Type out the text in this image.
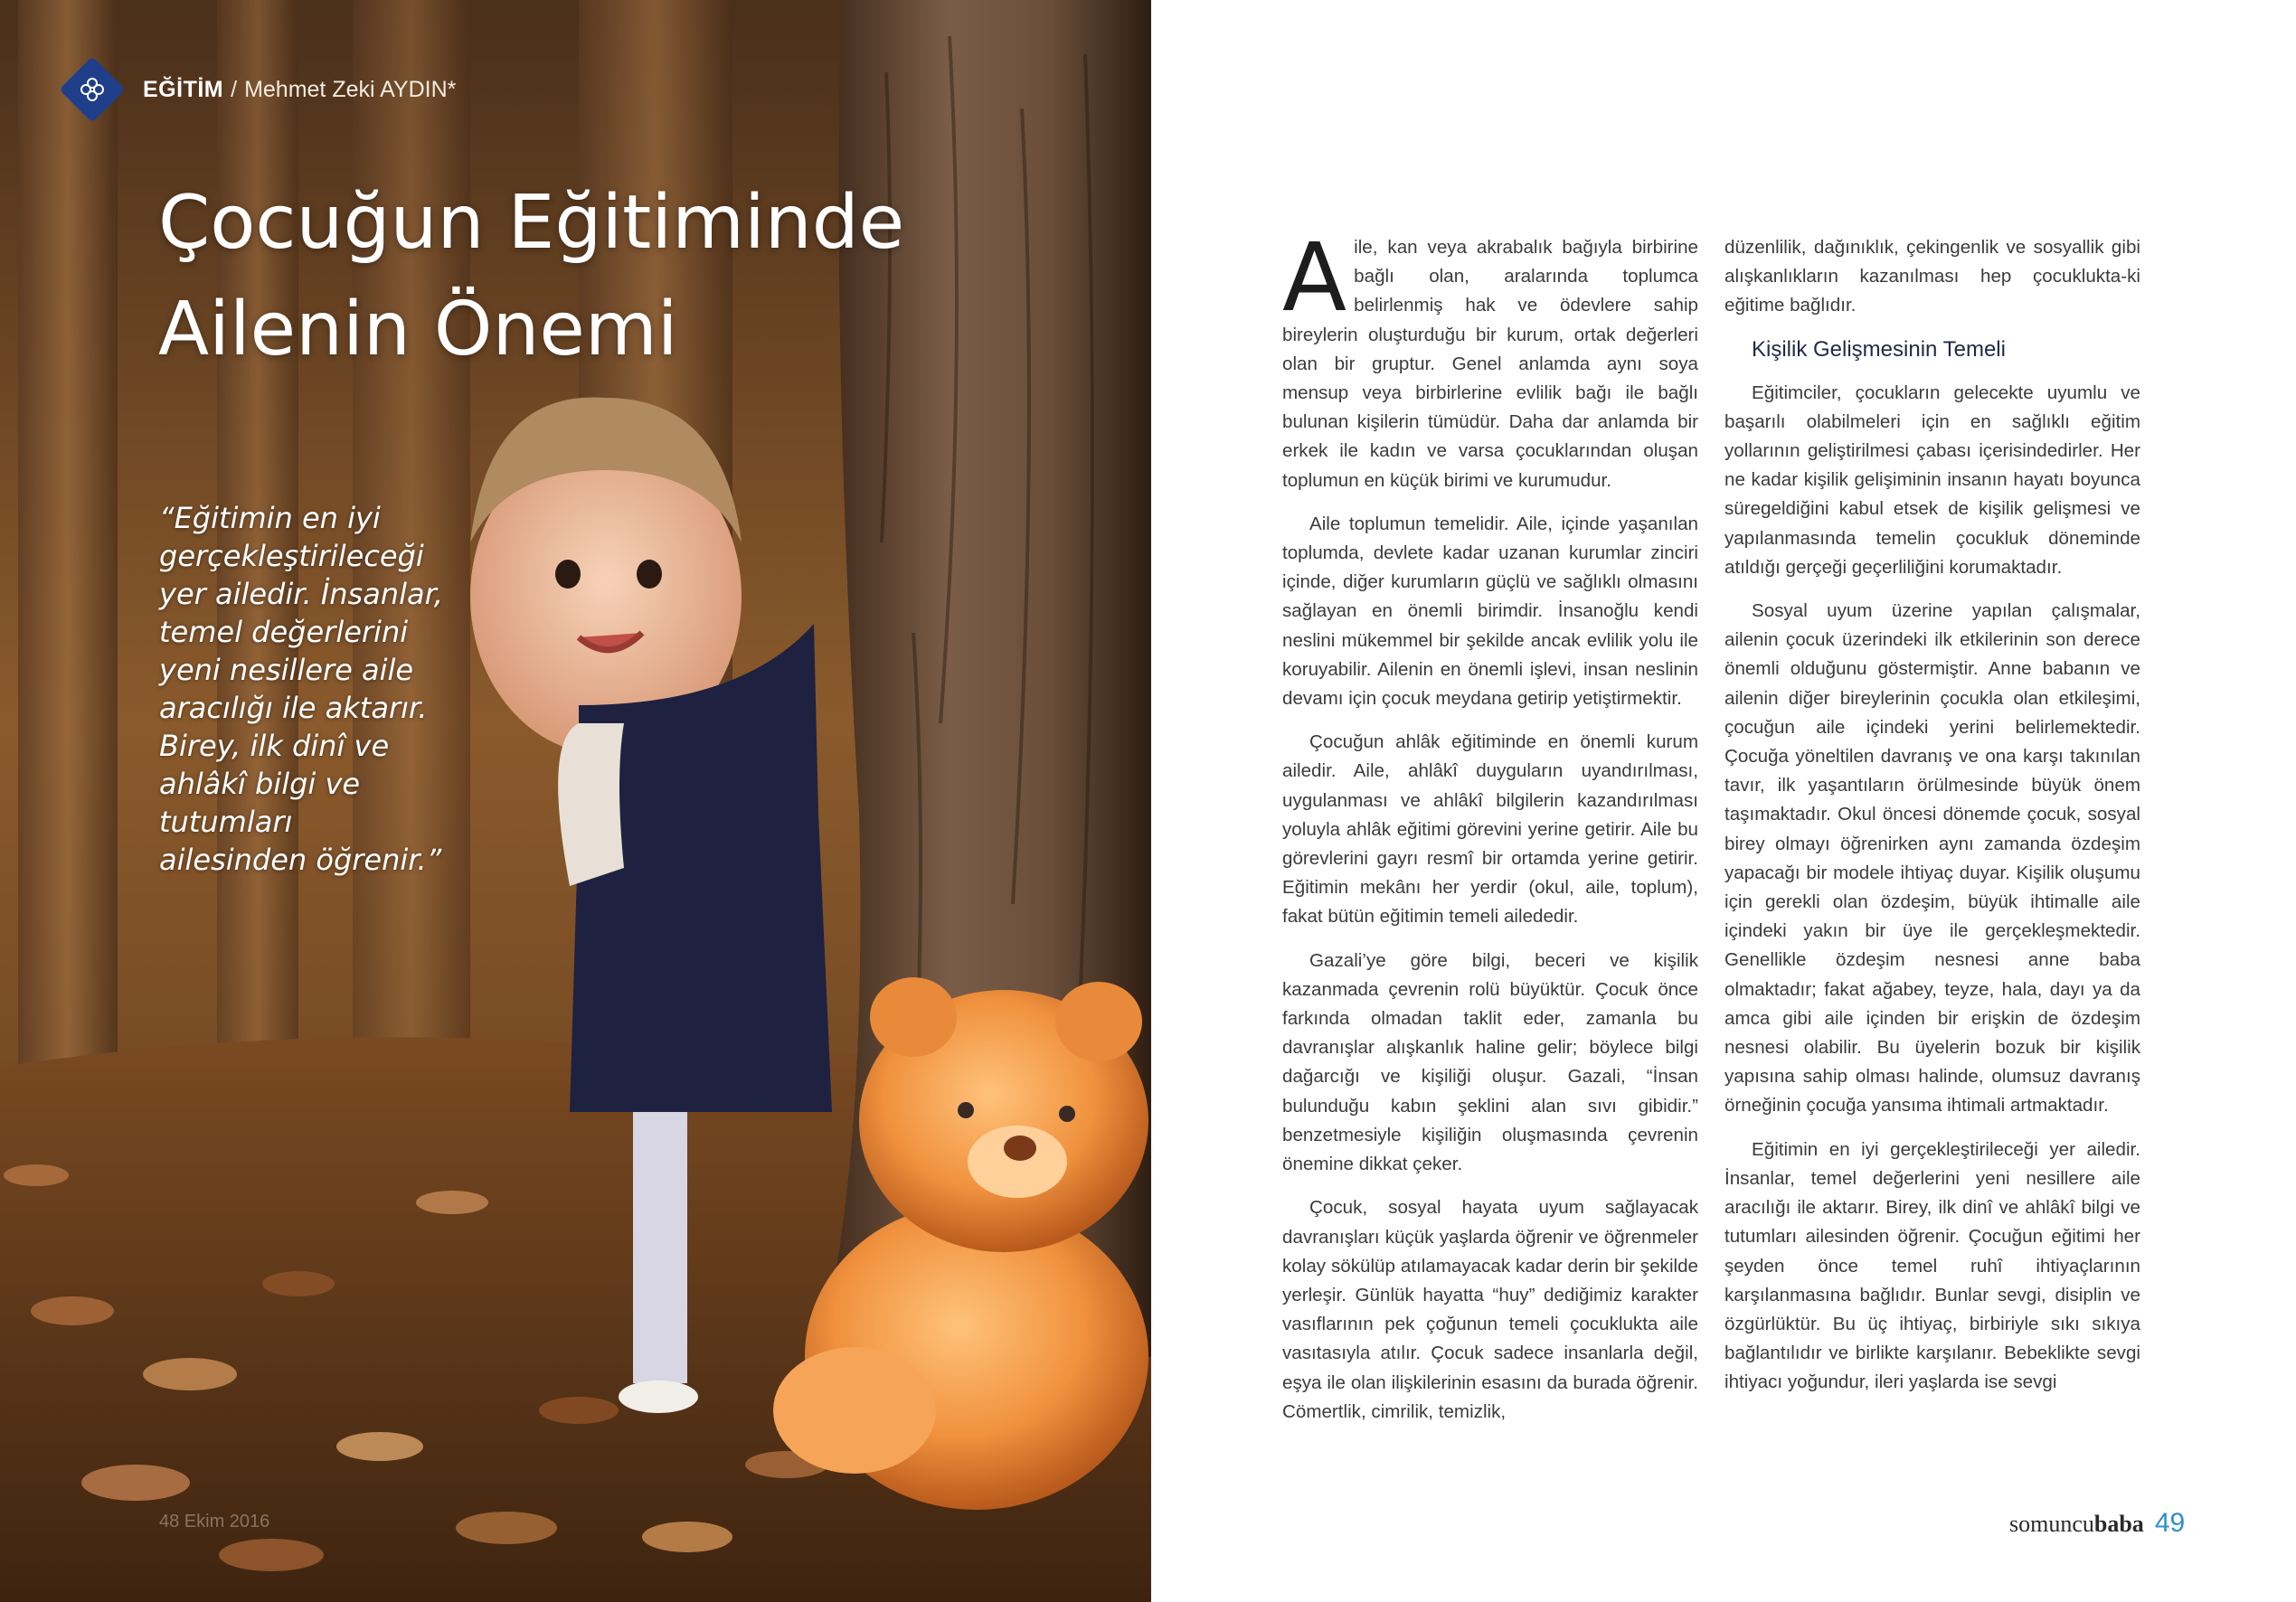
EĞİTİM / Mehmet Zeki AYDIN*
Çocuğun Eğitiminde
Ailenin Önemi

“Eğitimin en iyi gerçekleştirileceği yer ailedir. İnsanlar, temel değerlerini yeni nesillere aile aracılığı ile aktarır. Birey, ilk dinî ve ahlâkî bilgi ve tutumları ailesinden öğrenir.”

48 Ekim 2016

Aile, kan veya akrabalık bağıyla birbirine bağlı olan, aralarında toplumca belirlenmiş hak ve ödevlere sahip bireylerin oluşturduğu bir kurum, ortak değerleri olan bir gruptur. Genel anlamda aynı soya mensup veya birbirlerine evlilik bağı ile bağlı bulunan kişilerin tümüdür. Daha dar anlamda bir erkek ile kadın ve varsa çocuklarından oluşan toplumun en küçük birimi ve kurumudur.

Aile toplumun temelidir. Aile, içinde yaşanılan toplumda, devlete kadar uzanan kurumlar zinciri içinde, diğer kurumların güçlü ve sağlıklı olmasını sağlayan en önemli birimdir. İnsanoğlu kendi neslini mükemmel bir şekilde ancak evlilik yolu ile koruyabilir. Ailenin en önemli işlevi, insan neslinin devamı için çocuk meydana getirip yetiştirmektir.

Çocuğun ahlâk eğitiminde en önemli kurum ailedir. Aile, ahlâkî duyguların uyandırılması, uygulanması ve ahlâkî bilgilerin kazandırılması yoluyla ahlâk eğitimi görevini yerine getirir. Aile bu görevlerini gayrı resmî bir ortamda yerine getirir. Eğitimin mekânı her yerdir (okul, aile, toplum), fakat bütün eğitimin temeli ailededir.

Gazali’ye göre bilgi, beceri ve kişilik kazanmada çevrenin rolü büyüktür. Çocuk önce farkında olmadan taklit eder, zamanla bu davranışlar alışkanlık haline gelir; böylece bilgi dağarcığı ve kişiliği oluşur. Gazali, “İnsan bulunduğu kabın şeklini alan sıvı gibidir.” benzetmesiyle kişiliğin oluşmasında çevrenin önemine dikkat çeker.

Çocuk, sosyal hayata uyum sağlayacak davranışları küçük yaşlarda öğrenir ve öğrenmeler kolay sökülüp atılamayacak kadar derin bir şekilde yerleşir. Günlük hayatta “huy” dediğimiz karakter vasıflarının pek çoğunun temeli çocuklukta aile vasıtasıyla atılır. Çocuk sadece insanlarla değil, eşya ile olan ilişkilerinin esasını da burada öğrenir. Cömertlik, cimrilik, temizlik,

düzenlilik, dağınıklık, çekingenlik ve sosyallik gibi alışkanlıkların kazanılması hep çocuklukta-ki eğitime bağlıdır.

Kişilik Gelişmesinin Temeli

Eğitimciler, çocukların gelecekte uyumlu ve başarılı olabilmeleri için en sağlıklı eğitim yollarının geliştirilmesi çabası içerisindedirler. Her ne kadar kişilik gelişiminin insanın hayatı boyunca süregeldiğini kabul etsek de kişilik gelişmesi ve yapılanmasında temelin çocukluk döneminde atıldığı gerçeği geçerliliğini korumaktadır.

Sosyal uyum üzerine yapılan çalışmalar, ailenin çocuk üzerindeki ilk etkilerinin son derece önemli olduğunu göstermiştir. Anne babanın ve ailenin diğer bireylerinin çocukla olan etkileşimi, çocuğun aile içindeki yerini belirlemektedir. Çocuğa yöneltilen davranış ve ona karşı takınılan tavır, ilk yaşantıların örülmesinde büyük önem taşımaktadır. Okul öncesi dönemde çocuk, sosyal birey olmayı öğrenirken aynı zamanda özdeşim yapacağı bir modele ihtiyaç duyar. Kişilik oluşumu için gerekli olan özdeşim, büyük ihtimalle aile içindeki yakın bir üye ile gerçekleşmektedir. Genellikle özdeşim nesnesi anne baba olmaktadır; fakat ağabey, teyze, hala, dayı ya da amca gibi aile içinden bir erişkin de özdeşim nesnesi olabilir. Bu üyelerin bozuk bir kişilik yapısına sahip olması halinde, olumsuz davranış örneğinin çocuğa yansıma ihtimali artmaktadır.

Eğitimin en iyi gerçekleştirileceği yer ailedir. İnsanlar, temel değerlerini yeni nesillere aile aracılığı ile aktarır. Birey, ilk dinî ve ahlâkî bilgi ve tutumları ailesinden öğrenir. Çocuğun eğitimi her şeyden önce temel ruhî ihtiyaçlarının karşılanmasına bağlıdır. Bunlar sevgi, disiplin ve özgürlüktür. Bu üç ihtiyaç, birbiriyle sıkı sıkıya bağlantılıdır ve birlikte karşılanır. Bebeklikte sevgi ihtiyacı yoğundur, ileri yaşlarda ise sevgi

somuncu baba 49
